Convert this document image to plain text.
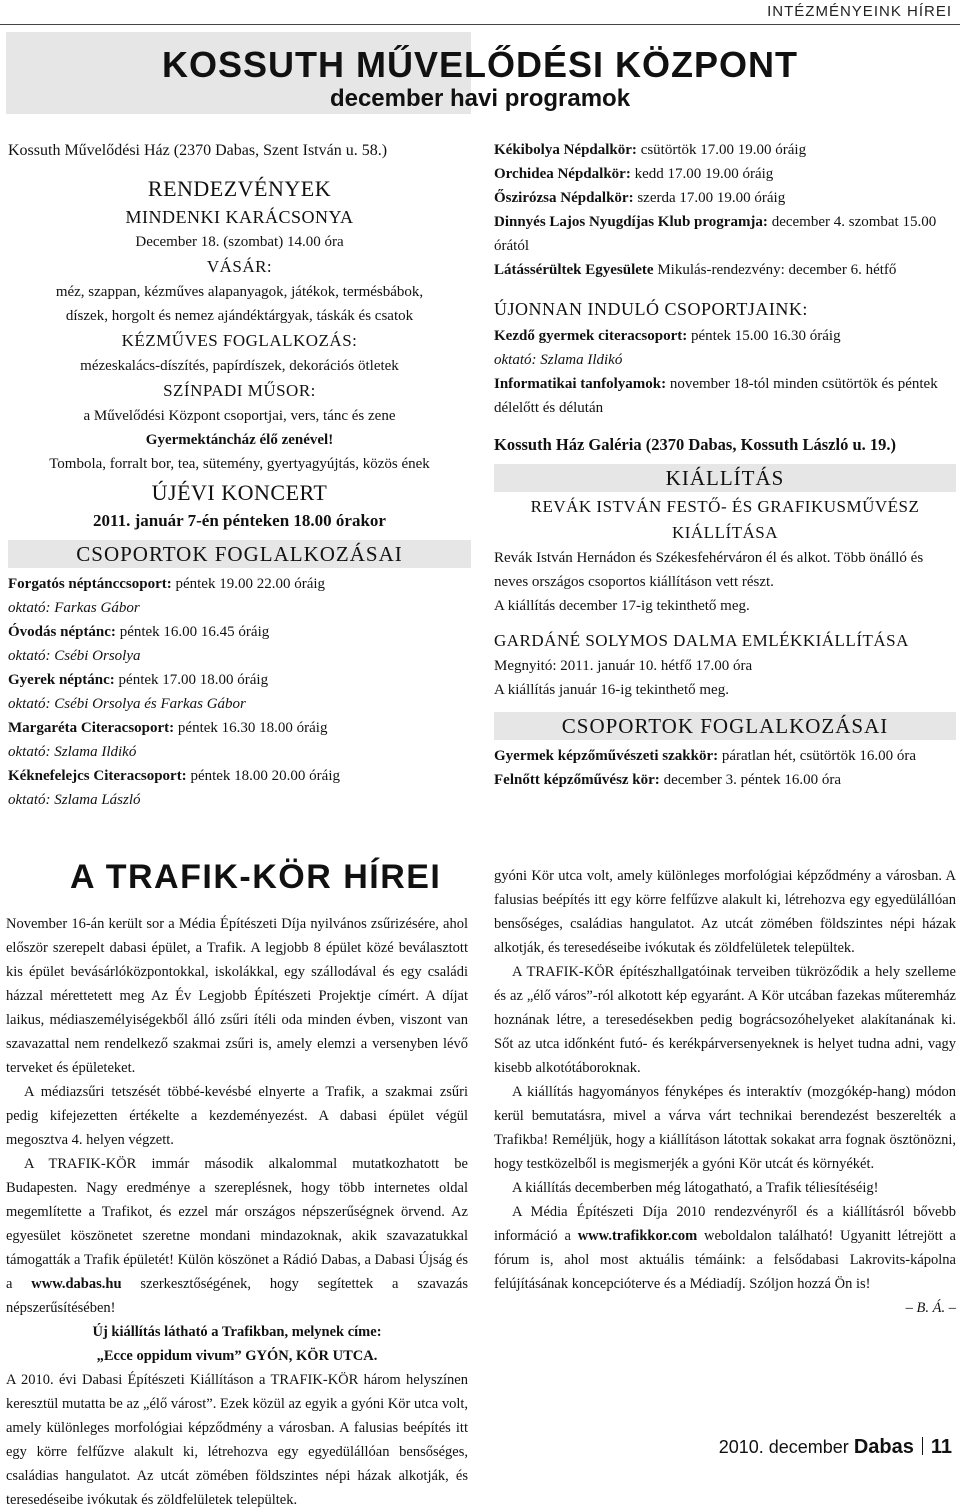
INTÉZMÉNYEINK HÍREI
KOSSUTH MŰVELŐDÉSI KÖZPONT
december havi programok

Kossuth Művelődési Ház (2370 Dabas, Szent István u. 58.)

RENDEZVÉNYEK

MINDENKI KARÁCSONYA

December 18. (szombat) 14.00 óra

VÁSÁR:

méz, szappan, kézműves alapanyagok, játékok, termésbábok,

díszek, horgolt és nemez ajándéktárgyak, táskák és csatok

KÉZMŰVES FOGLALKOZÁS:

mézeskalács-díszítés, papírdíszek, dekorációs ötletek

SZÍNPADI MŰSOR:

a Művelődési Központ csoportjai, vers, tánc és zene

Gyermektáncház élő zenével!

Tombola, forralt bor, tea, sütemény, gyertyagyújtás, közös ének

ÚJÉVI KONCERT

2011. január 7-én pénteken 18.00 órakor

CSOPORTOK FOGLALKOZÁSAI

Forgatós néptánccsoport: péntek 19.00 22.00 óráig

oktató: Farkas Gábor

Óvodás néptánc: péntek 16.00 16.45 óráig

oktató: Csébi Orsolya

Gyerek néptánc: péntek 17.00 18.00 óráig

oktató: Csébi Orsolya és Farkas Gábor

Margaréta Citeracsoport: péntek 16.30 18.00 óráig

oktató: Szlama Ildikó

Kéknefelejcs Citeracsoport: péntek 18.00 20.00 óráig

oktató: Szlama László

Kékibolya Népdalkör: csütörtök 17.00 19.00 óráig

Orchidea Népdalkör: kedd 17.00 19.00 óráig

Őszirózsa Népdalkör: szerda 17.00 19.00 óráig

Dinnyés Lajos Nyugdíjas Klub programja: december 4. szombat 15.00 órától

Látássérültek Egyesülete Mikulás-rendezvény: december 6. hétfő

ÚJONNAN INDULÓ CSOPORTJAINK:

Kezdő gyermek citeracsoport: péntek 15.00 16.30 óráig

oktató: Szlama Ildikó

Informatikai tanfolyamok: november 18-tól minden csütörtök és péntek délelőtt és délután

Kossuth Ház Galéria (2370 Dabas, Kossuth László u. 19.)

KIÁLLÍTÁS

REVÁK ISTVÁN FESTŐ- ÉS GRAFIKUSMŰVÉSZ

KIÁLLÍTÁSA

Revák István Hernádon és Székesfehérváron él és alkot. Több önálló és neves országos csoportos kiállításon vett részt.

A kiállítás december 17-ig tekinthető meg.

GARDÁNÉ SOLYMOS DALMA EMLÉKKIÁLLÍTÁSA

Megnyitó: 2011. január 10. hétfő 17.00 óra

A kiállítás január 16-ig tekinthető meg.

CSOPORTOK FOGLALKOZÁSAI

Gyermek képzőművészeti szakkör: páratlan hét, csütörtök 16.00 óra

Felnőtt képzőművész kör: december 3. péntek 16.00 óra

A TRAFIK-KÖR HÍREI

November 16-án került sor a Média Építészeti Díja nyilvános zsűrizésére, ahol először szerepelt dabasi épület, a Trafik. A legjobb 8 épület közé beválasztott kis épület bevásárlóközpontokkal, iskolákkal, egy szállodával és egy családi házzal mérettetett meg Az Év Legjobb Építészeti Projektje címért. A díjat laikus, médiaszemélyiségekből álló zsűri ítéli oda minden évben, viszont van szavazattal nem rendelkező szakmai zsűri is, amely elemzi a versenyben lévő terveket és épületeket.

A médiazsűri tetszését többé-kevésbé elnyerte a Trafik, a szakmai zsűri pedig kifejezetten értékelte a kezdeményezést. A dabasi épület végül megosztva 4. helyen végzett.

A TRAFIK-KÖR immár második alkalommal mutatkozhatott be Budapesten. Nagy eredménye a szereplésnek, hogy több internetes oldal megemlítette a Trafikot, és ezzel már országos népszerűségnek örvend. Az egyesület köszönetet szeretne mondani mindazoknak, akik szavazatukkal támogatták a Trafik épületét! Külön köszönet a Rádió Dabas, a Dabasi Újság és a www.dabas.hu szerkesztőségének, hogy segítettek a szavazás népszerűsítésében!

Új kiállítás látható a Trafikban, melynek címe:

„Ecce oppidum vivum” GYÓN, KÖR UTCA.

A 2010. évi Dabasi Építészeti Kiállításon a TRAFIK-KÖR három helyszínen keresztül mutatta be az „élő várost”. Ezek közül az egyik a gyóni Kör utca volt, amely különleges morfológiai képződmény a városban. A falusias beépítés itt egy körre felfűzve alakult ki, létrehozva egy egyedülállóan bensőséges, családias hangulatot. Az utcát zömében földszintes népi házak alkotják, és teresedéseibe ivókutak és zöldfelületek települtek.

gyóni Kör utca volt, amely különleges morfológiai képződmény a városban. A falusias beépítés itt egy körre felfűzve alakult ki, létrehozva egy egyedülállóan bensőséges, családias hangulatot. Az utcát zömében földszintes népi házak alkotják, és teresedéseibe ivókutak és zöldfelületek települtek.

A TRAFIK-KÖR építészhallgatóinak terveiben tükröződik a hely szelleme és az „élő város”-ról alkotott kép egyaránt. A Kör utcában fazekas műteremház hoznának létre, a teresedésekben pedig bográcsozóhelyeket alakítanának ki. Sőt az utca időnként futó- és kerékpárversenyeknek is helyet tudna adni, vagy kisebb alkotótáboroknak.

A kiállítás hagyományos fényképes és interaktív (mozgókép-hang) módon kerül bemutatásra, mivel a várva várt technikai berendezést beszerelték a Trafikba! Reméljük, hogy a kiállításon látottak sokakat arra fognak ösztönözni, hogy testközelből is megismerjék a gyóni Kör utcát és környékét.

A kiállítás decemberben még látogatható, a Trafik téliesítéséig!

A Média Építészeti Díja 2010 rendezvényről és a kiállításról bővebb információ a www.trafikkor.com weboldalon található! Ugyanitt létrejött a fórum is, ahol most aktuális témáink: a felsődabasi Lakrovits-kápolna felújításának koncepcióterve és a Médiadíj. Szóljon hozzá Ön is!

– B. Á. –

2010. december Dabas 11
